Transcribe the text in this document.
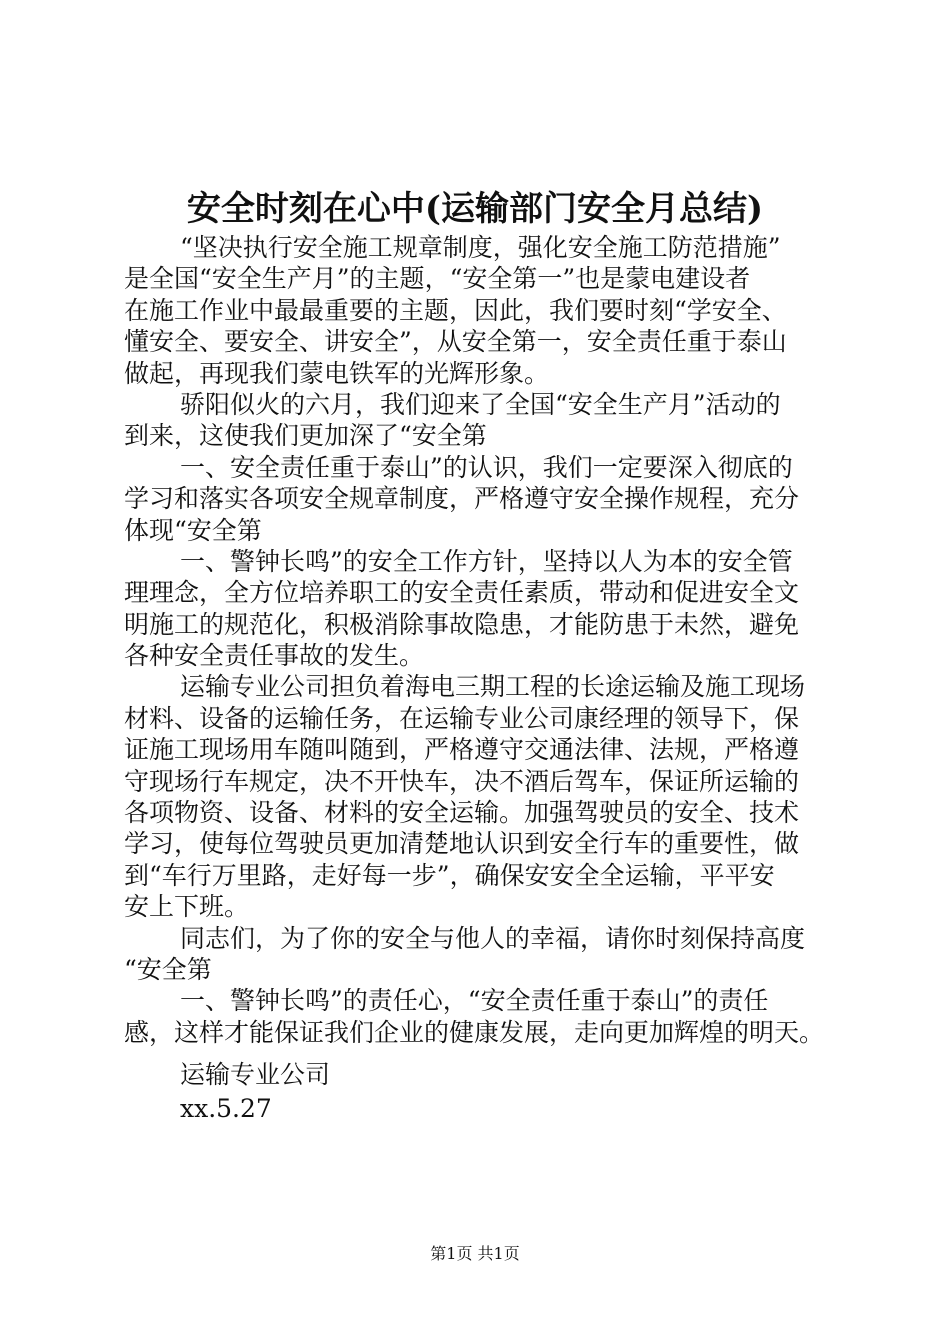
安全时刻在心中(运输部门安全月总结)
“坚决执行安全施工规章制度，强化安全施工防范措施”
是全国“安全生产月”的主题，“安全第一”也是蒙电建设者
在施工作业中最最重要的主题，因此，我们要时刻“学安全、
懂安全、要安全、讲安全”，从安全第一，安全责任重于泰山
做起，再现我们蒙电铁军的光辉形象。
骄阳似火的六月，我们迎来了全国“安全生产月”活动的
到来，这使我们更加深了“安全第
一、安全责任重于泰山”的认识，我们一定要深入彻底的
学习和落实各项安全规章制度，严格遵守安全操作规程，充分
体现“安全第
一、警钟长鸣”的安全工作方针，坚持以人为本的安全管
理理念，全方位培养职工的安全责任素质，带动和促进安全文
明施工的规范化，积极消除事故隐患，才能防患于未然，避免
各种安全责任事故的发生。
运输专业公司担负着海电三期工程的长途运输及施工现场
材料、设备的运输任务，在运输专业公司康经理的领导下，保
证施工现场用车随叫随到，严格遵守交通法律、法规，严格遵
守现场行车规定，决不开快车，决不酒后驾车，保证所运输的
各项物资、设备、材料的安全运输。加强驾驶员的安全、技术
学习，使每位驾驶员更加清楚地认识到安全行车的重要性，做
到“车行万里路，走好每一步”，确保安安全全运输，平平安
安上下班。
同志们，为了你的安全与他人的幸福，请你时刻保持高度
“安全第
一、警钟长鸣”的责任心，“安全责任重于泰山”的责任
感，这样才能保证我们企业的健康发展，走向更加辉煌的明天。
运输专业公司
xx.5.27
第1页 共1页
